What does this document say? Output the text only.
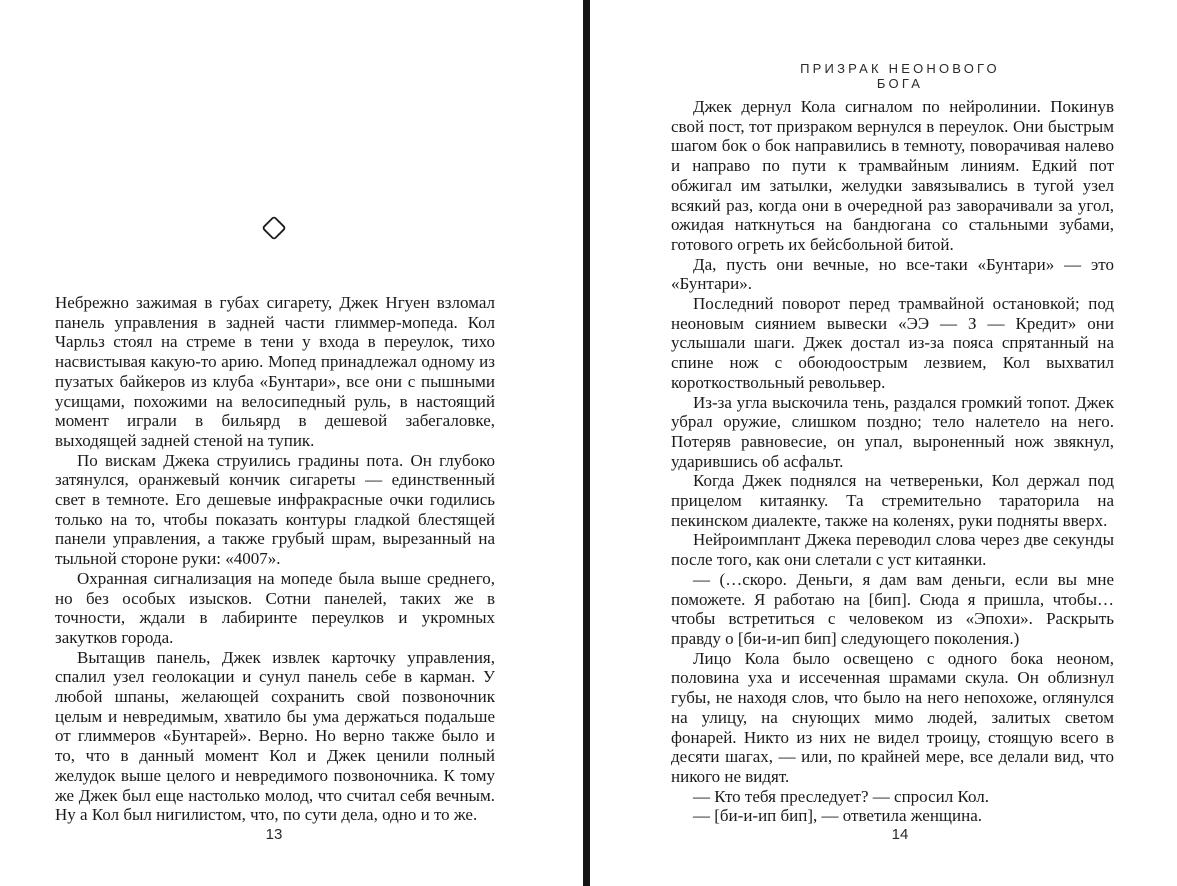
Небрежно зажимая в губах сигарету, Джек Нгуен взломал панель управления в задней части глиммер-мопеда. Кол Чарльз стоял на стреме в тени у входа в переулок, тихо насвистывая какую-то арию. Мопед принадлежал одному из пузатых байкеров из клуба «Бунтари», все они с пышными усищами, похожими на велосипедный руль, в настоящий момент играли в бильярд в дешевой забегаловке, выходящей задней стеной на тупик.

По вискам Джека струились градины пота. Он глубоко затянулся, оранжевый кончик сигареты — единственный свет в темноте. Его дешевые инфракрасные очки годились только на то, чтобы показать контуры гладкой блестящей панели управления, а также грубый шрам, вырезанный на тыльной стороне руки: «4007».

Охранная сигнализация на мопеде была выше среднего, но без особых изысков. Сотни панелей, таких же в точности, ждали в лабиринте переулков и укромных закутков города.

Вытащив панель, Джек извлек карточку управления, спалил узел геолокации и сунул панель себе в карман. У любой шпаны, желающей сохранить свой позвоночник целым и невредимым, хватило бы ума держаться подальше от глиммеров «Бунтарей». Верно. Но верно также было и то, что в данный момент Кол и Джек ценили полный желудок выше целого и невредимого позвоночника. К тому же Джек был еще настолько молод, что считал себя вечным. Ну а Кол был нигилистом, что, по сути дела, одно и то же.

13
ПРИЗРАК НЕОНОВОГО БОГА

Джек дернул Кола сигналом по нейролинии. Покинув свой пост, тот призраком вернулся в переулок. Они быстрым шагом бок о бок направились в темноту, поворачивая налево и направо по пути к трамвайным линиям. Едкий пот обжигал им затылки, желудки завязывались в тугой узел всякий раз, когда они в очередной раз заворачивали за угол, ожидая наткнуться на бандюгана со стальными зубами, готового огреть их бейсбольной битой.

Да, пусть они вечные, но все-таки «Бунтари» — это «Бунтари».

Последний поворот перед трамвайной остановкой; под неоновым сиянием вывески «ЭЭ — З — Кредит» они услышали шаги. Джек достал из-за пояса спрятанный на спине нож с обоюдоострым лезвием, Кол выхватил короткоствольный револьвер.

Из-за угла выскочила тень, раздался громкий топот. Джек убрал оружие, слишком поздно; тело налетело на него. Потеряв равновесие, он упал, выроненный нож звякнул, ударившись об асфальт.

Когда Джек поднялся на четвереньки, Кол держал под прицелом китаянку. Та стремительно тараторила на пекинском диалекте, также на коленях, руки подняты вверх.

Нейроимплант Джека переводил слова через две секунды после того, как они слетали с уст китаянки.

— (…скоро. Деньги, я дам вам деньги, если вы мне поможете. Я работаю на [бип]. Сюда я пришла, чтобы… чтобы встретиться с человеком из «Эпохи». Раскрыть правду о [би-и-ип бип] следующего поколения.)

Лицо Кола было освещено с одного бока неоном, половина уха и иссеченная шрамами скула. Он облизнул губы, не находя слов, что было на него непохоже, оглянулся на улицу, на снующих мимо людей, залитых светом фонарей. Никто из них не видел троицу, стоящую всего в десяти шагах, — или, по крайней мере, все делали вид, что никого не видят.

— Кто тебя преследует? — спросил Кол.

— [би-и-ип бип], — ответила женщина.

14
